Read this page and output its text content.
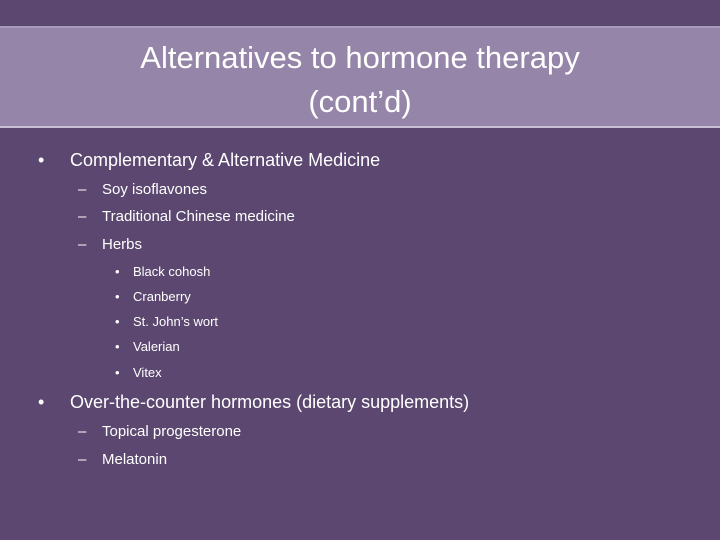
Alternatives to hormone therapy
(cont’d)
• Complementary & Alternative Medicine
– Soy isoflavones
– Traditional Chinese medicine
– Herbs
• Black cohosh
• Cranberry
• St. John’s wort
• Valerian
• Vitex
• Over-the-counter hormones (dietary supplements)
– Topical progesterone
– Melatonin
